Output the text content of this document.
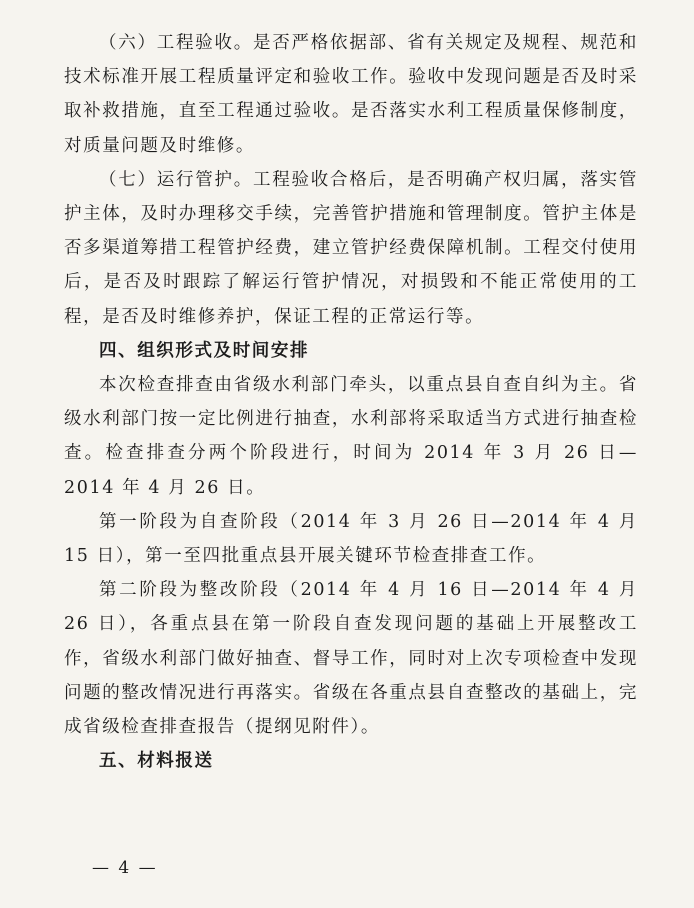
（六）工程验收。是否严格依据部、省有关规定及规程、规范和技术标准开展工程质量评定和验收工作。验收中发现问题是否及时采取补救措施，直至工程通过验收。是否落实水利工程质量保修制度，对质量问题及时维修。

（七）运行管护。工程验收合格后，是否明确产权归属，落实管护主体，及时办理移交手续，完善管护措施和管理制度。管护主体是否多渠道筹措工程管护经费，建立管护经费保障机制。工程交付使用后，是否及时跟踪了解运行管护情况，对损毁和不能正常使用的工程，是否及时维修养护，保证工程的正常运行等。

四、组织形式及时间安排

本次检查排查由省级水利部门牵头，以重点县自查自纠为主。省级水利部门按一定比例进行抽查，水利部将采取适当方式进行抽查检查。检查排查分两个阶段进行，时间为 2014 年 3 月 26 日—2014 年 4 月 26 日。

第一阶段为自查阶段（2014 年 3 月 26 日—2014 年 4 月 15 日），第一至四批重点县开展关键环节检查排查工作。

第二阶段为整改阶段（2014 年 4 月 16 日—2014 年 4 月 26 日），各重点县在第一阶段自查发现问题的基础上开展整改工作，省级水利部门做好抽查、督导工作，同时对上次专项检查中发现问题的整改情况进行再落实。省级在各重点县自查整改的基础上，完成省级检查排查报告（提纲见附件）。

五、材料报送

— 4 —
